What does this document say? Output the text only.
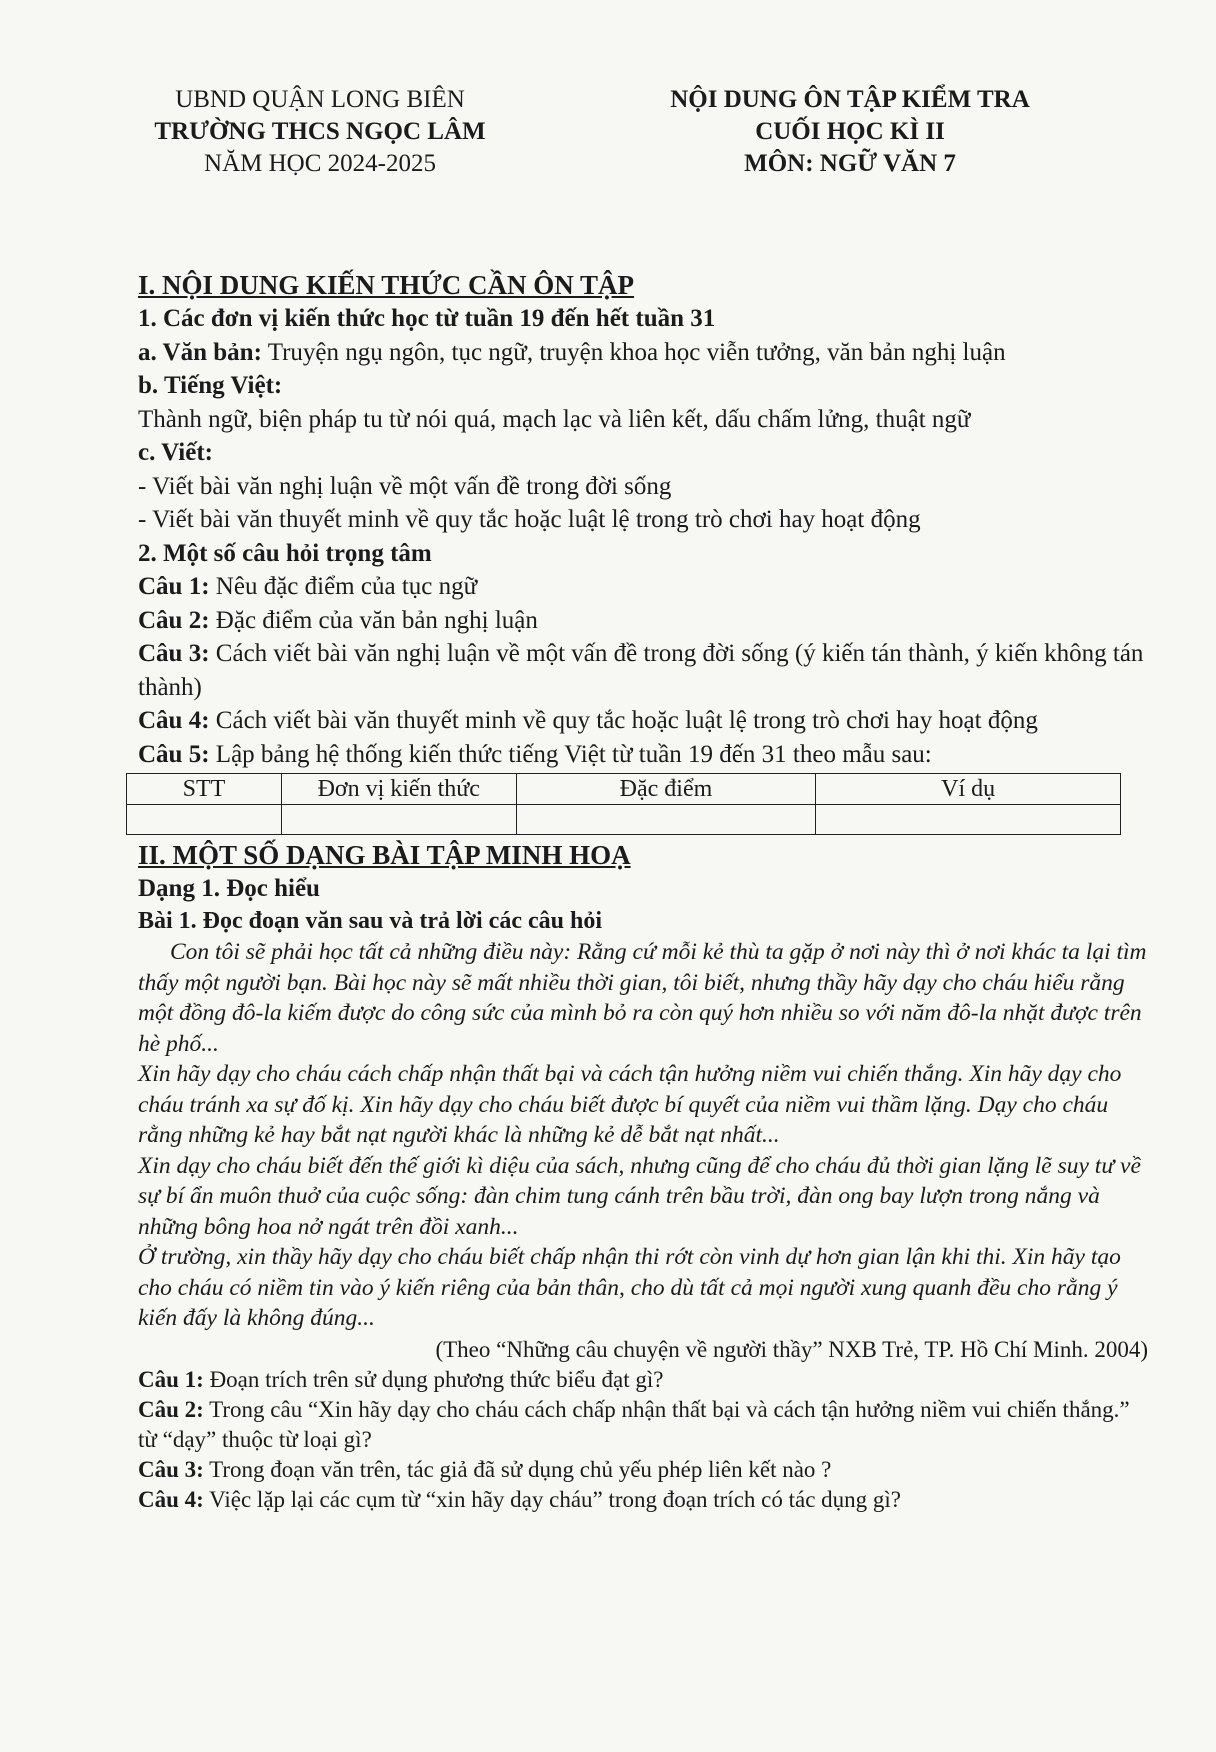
UBND QUẬN LONG BIÊN
TRƯỜNG THCS NGỌC LÂM
NĂM HỌC 2024-2025
NỘI DUNG ÔN TẬP KIỂM TRA
CUỐI HỌC KÌ II
MÔN: NGỮ VĂN 7
I. NỘI DUNG KIẾN THỨC CẦN ÔN TẬP
1. Các đơn vị kiến thức học từ tuần 19 đến hết tuần 31
a. Văn bản: Truyện ngụ ngôn, tục ngữ, truyện khoa học viễn tưởng, văn bản nghị luận
b. Tiếng Việt:
Thành ngữ, biện pháp tu từ nói quá, mạch lạc và liên kết, dấu chấm lửng, thuật ngữ
c. Viết:
- Viết bài văn nghị luận về một vấn đề trong đời sống
- Viết bài văn thuyết minh về quy tắc hoặc luật lệ trong trò chơi hay hoạt động
2. Một số câu hỏi trọng tâm
Câu 1: Nêu đặc điểm của tục ngữ
Câu 2: Đặc điểm của văn bản nghị luận
Câu 3: Cách viết bài văn nghị luận về một vấn đề trong đời sống (ý kiến tán thành, ý kiến không tán thành)
Câu 4: Cách viết bài văn thuyết minh về quy tắc hoặc luật lệ trong trò chơi hay hoạt động
Câu 5: Lập bảng hệ thống kiến thức tiếng Việt từ tuần 19 đến 31 theo mẫu sau:
STT	Đơn vị kiến thức	Đặc điểm	Ví dụ

II. MỘT SỐ DẠNG BÀI TẬP MINH HOẠ
Dạng 1. Đọc hiểu
Bài 1. Đọc đoạn văn sau và trả lời các câu hỏi

Con tôi sẽ phải học tất cả những điều này: Rằng cứ mỗi kẻ thù ta gặp ở nơi này thì ở nơi khác ta lại tìm thấy một người bạn. Bài học này sẽ mất nhiều thời gian, tôi biết, nhưng thầy hãy dạy cho cháu hiểu rằng một đồng đô-la kiếm được do công sức của mình bỏ ra còn quý hơn nhiều so với năm đô-la nhặt được trên hè phố...

Xin hãy dạy cho cháu cách chấp nhận thất bại và cách tận hưởng niềm vui chiến thắng. Xin hãy dạy cho cháu tránh xa sự đố kị. Xin hãy dạy cho cháu biết được bí quyết của niềm vui thầm lặng. Dạy cho cháu rằng những kẻ hay bắt nạt người khác là những kẻ dễ bắt nạt nhất...

Xin dạy cho cháu biết đến thế giới kì diệu của sách, nhưng cũng để cho cháu đủ thời gian lặng lẽ suy tư về sự bí ẩn muôn thuở của cuộc sống: đàn chim tung cánh trên bầu trời, đàn ong bay lượn trong nắng và những bông hoa nở ngát trên đồi xanh...

Ở trường, xin thầy hãy dạy cho cháu biết chấp nhận thi rớt còn vinh dự hơn gian lận khi thi. Xin hãy tạo cho cháu có niềm tin vào ý kiến riêng của bản thân, cho dù tất cả mọi người xung quanh đều cho rằng ý kiến đấy là không đúng...

(Theo “Những câu chuyện về người thầy” NXB Trẻ, TP. Hồ Chí Minh. 2004)
Câu 1: Đoạn trích trên sử dụng phương thức biểu đạt gì?
Câu 2: Trong câu “Xin hãy dạy cho cháu cách chấp nhận thất bại và cách tận hưởng niềm vui chiến thắng.” từ “dạy” thuộc từ loại gì?
Câu 3: Trong đoạn văn trên, tác giả đã sử dụng chủ yếu phép liên kết nào ?
Câu 4: Việc lặp lại các cụm từ “xin hãy dạy cháu” trong đoạn trích có tác dụng gì?
